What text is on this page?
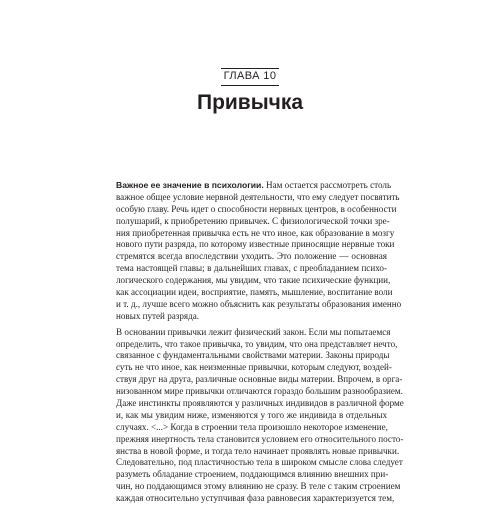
ГЛАВА 10
Привычка
Важное ее значение в психологии. Нам остается рассмотреть столь
важное общее условие нервной деятельности, что ему следует посвятить
особую главу. Речь идет о способности нервных центров, в особенности
полушарий, к приобретению привычек. С физиологической точки зре-
ния приобретенная привычка есть не что иное, как образование в мозгу
нового пути разряда, по которому известные приносящие нервные токи
стремятся всегда впоследствии уходить. Это положение — основная
тема настоящей главы; в дальнейших главах, с преобладанием психо-
логического содержания, мы увидим, что такие психические функции,
как ассоциации идеи, восприятие, память, мышление, воспитание воли
и т. д., лучше всего можно объяснить как результаты образования именно
новых путей разряда.
В основании привычки лежит физический закон. Если мы попытаемся
определить, что такое привычка, то увидим, что она представляет нечто,
связанное с фундаментальными свойствами материи. Законы природы
суть не что иное, как неизменные привычки, которым следуют, воздей-
ствуя друг на друга, различные основные виды материи. Впрочем, в орга-
низованном мире привычки отличаются гораздо большим разнообразием.
Даже инстинкты проявляются у различных индивидов в различной форме
и, как мы увидим ниже, изменяются у того же индивида в отдельных
случаях. <...> Когда в строении тела произошло некоторое изменение,
прежняя инертность тела становится условием его относительного посто-
янства в новой форме, и тогда тело начинает проявлять новые привычки.
Следовательно, под пластичностью тела в широком смысле слова следует
разуметь обладание строением, поддающимся влиянию внешних при-
чин, но поддающимся этому влиянию не сразу. В теле с таким строением
каждая относительно уступчивая фаза равновесия характеризуется тем,
